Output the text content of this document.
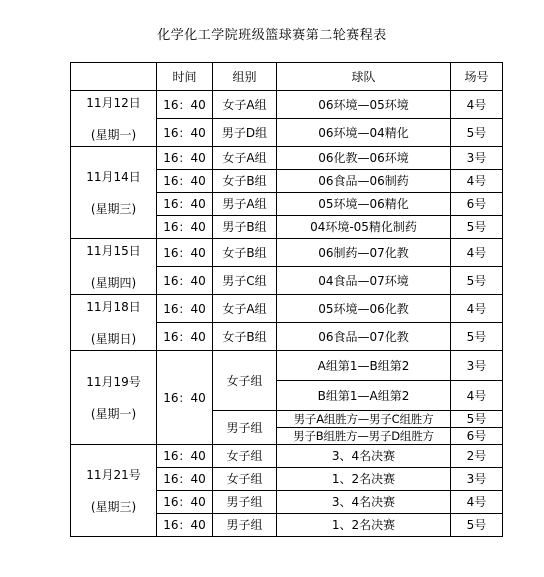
化学化工学院班级篮球赛第二轮赛程表
	时间	组别	球队	场号

11月12日
(星期一)	16：40	女子A组	06环境—05环境	4号
	16：40	男子D组	06环境—04精化	5号

11月14日
(星期三)	16：40	女子A组	06化教—06环境	3号
	16：40	女子B组	06食品—06制药	4号
	16：40	男子A组	05环境—06精化	6号
	16：40	男子B组	04环境-05精化制药	5号

11月15日
(星期四)	16：40	女子B组	06制药—07化教	4号
	16：40	男子C组	04食品—07环境	5号

11月18日
(星期日)	16：40	女子A组	05环境—06化教	4号
	16：40	女子B组	06食品—07化教	5号

11月19号
(星期一)	16：40	女子组	A组第1—B组第2	3号
			B组第1—A组第2	4号
		男子组	男子A组胜方—男子C组胜方	5号
			男子B组胜方—男子D组胜方	6号

11月21号
(星期三)	16：40	女子组	3、4名决赛	2号
	16：40	女子组	1、2名决赛	3号
	16：40	男子组	3、4名决赛	4号
	16：40	男子组	1、2名决赛	5号
